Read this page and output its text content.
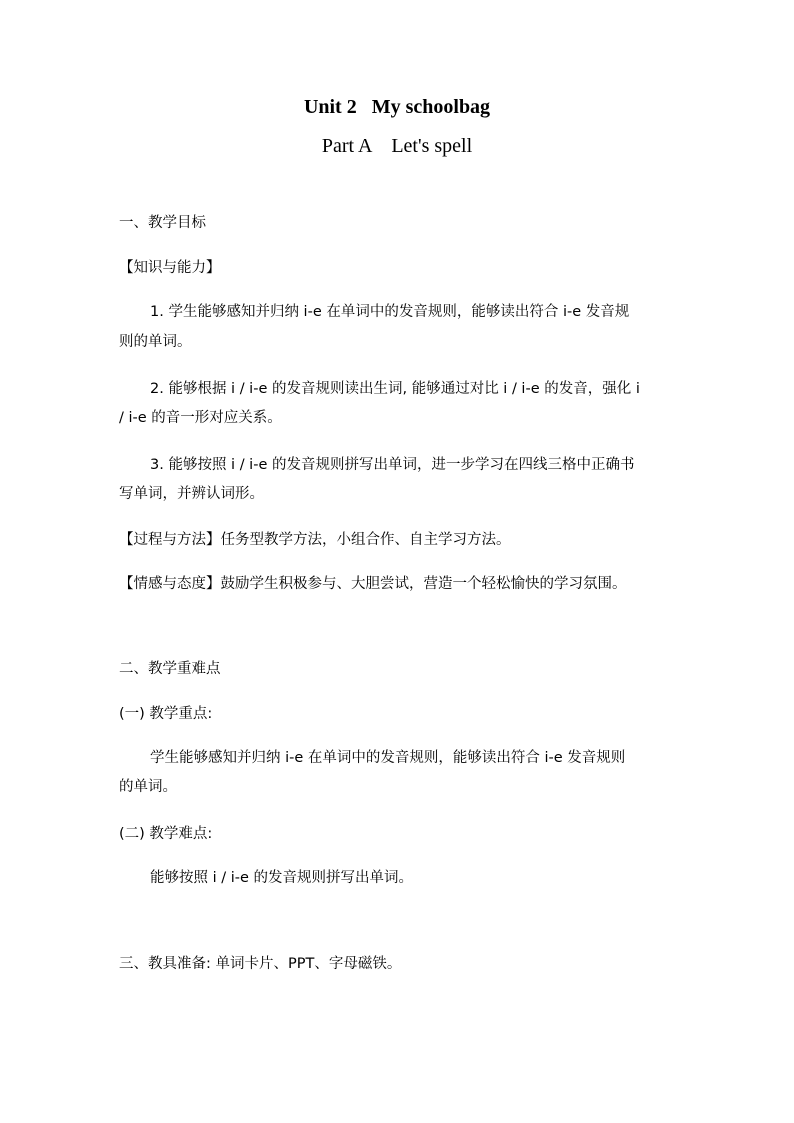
Unit 2   My schoolbag
Part A    Let's spell
一、教学目标
【知识与能力】
1. 学生能够感知并归纳 i-e 在单词中的发音规则，能够读出符合 i-e 发音规
则的单词。
2. 能够根据 i / i-e 的发音规则读出生词, 能够通过对比 i / i-e 的发音，强化 i
/ i-e 的音一形对应关系。
3. 能够按照 i / i-e 的发音规则拼写出单词，进一步学习在四线三格中正确书
写单词，并辨认词形。
【过程与方法】任务型教学方法，小组合作、自主学习方法。
【情感与态度】鼓励学生积极参与、大胆尝试，营造一个轻松愉快的学习氛围。
二、教学重难点
(一) 教学重点:
学生能够感知并归纳 i-e 在单词中的发音规则，能够读出符合 i-e 发音规则
的单词。
(二) 教学难点:
能够按照 i / i-e 的发音规则拼写出单词。
三、教具准备: 单词卡片、PPT、字母磁铁。
